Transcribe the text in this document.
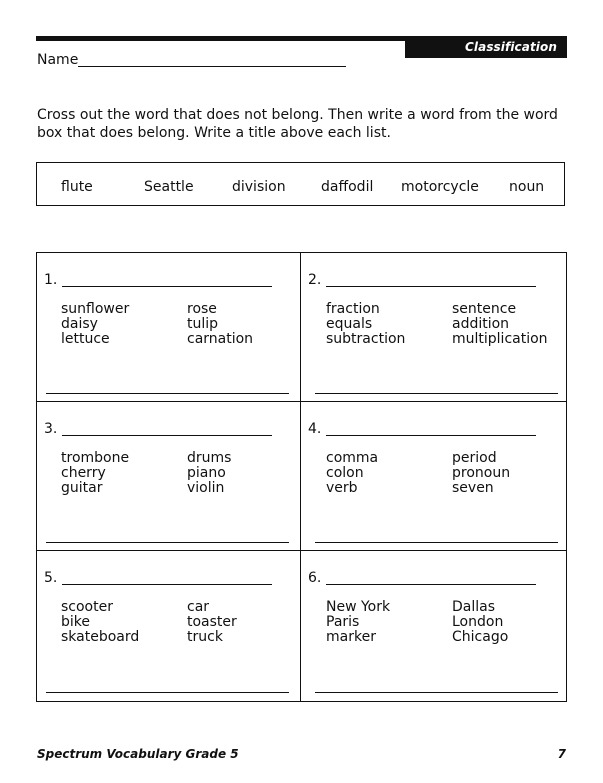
Classification
Name

Cross out the word that does not belong. Then write a word from the word box that does belong. Write a title above each list.

flute	Seattle	division	daffodil motorcycle noun
1.
sunflower
daisy
lettuce
rose
tulip
carnation
2.
fraction
equals
subtraction
sentence
addition
multiplication
3.
trombone
cherry
guitar
drums
piano
violin
4.
comma
colon
verb
period
pronoun
seven
5.
scooter
bike
skateboard
car
toaster
truck
6.
New York
Paris
marker
Dallas
London
Chicago
Spectrum Vocabulary Grade 5	7
